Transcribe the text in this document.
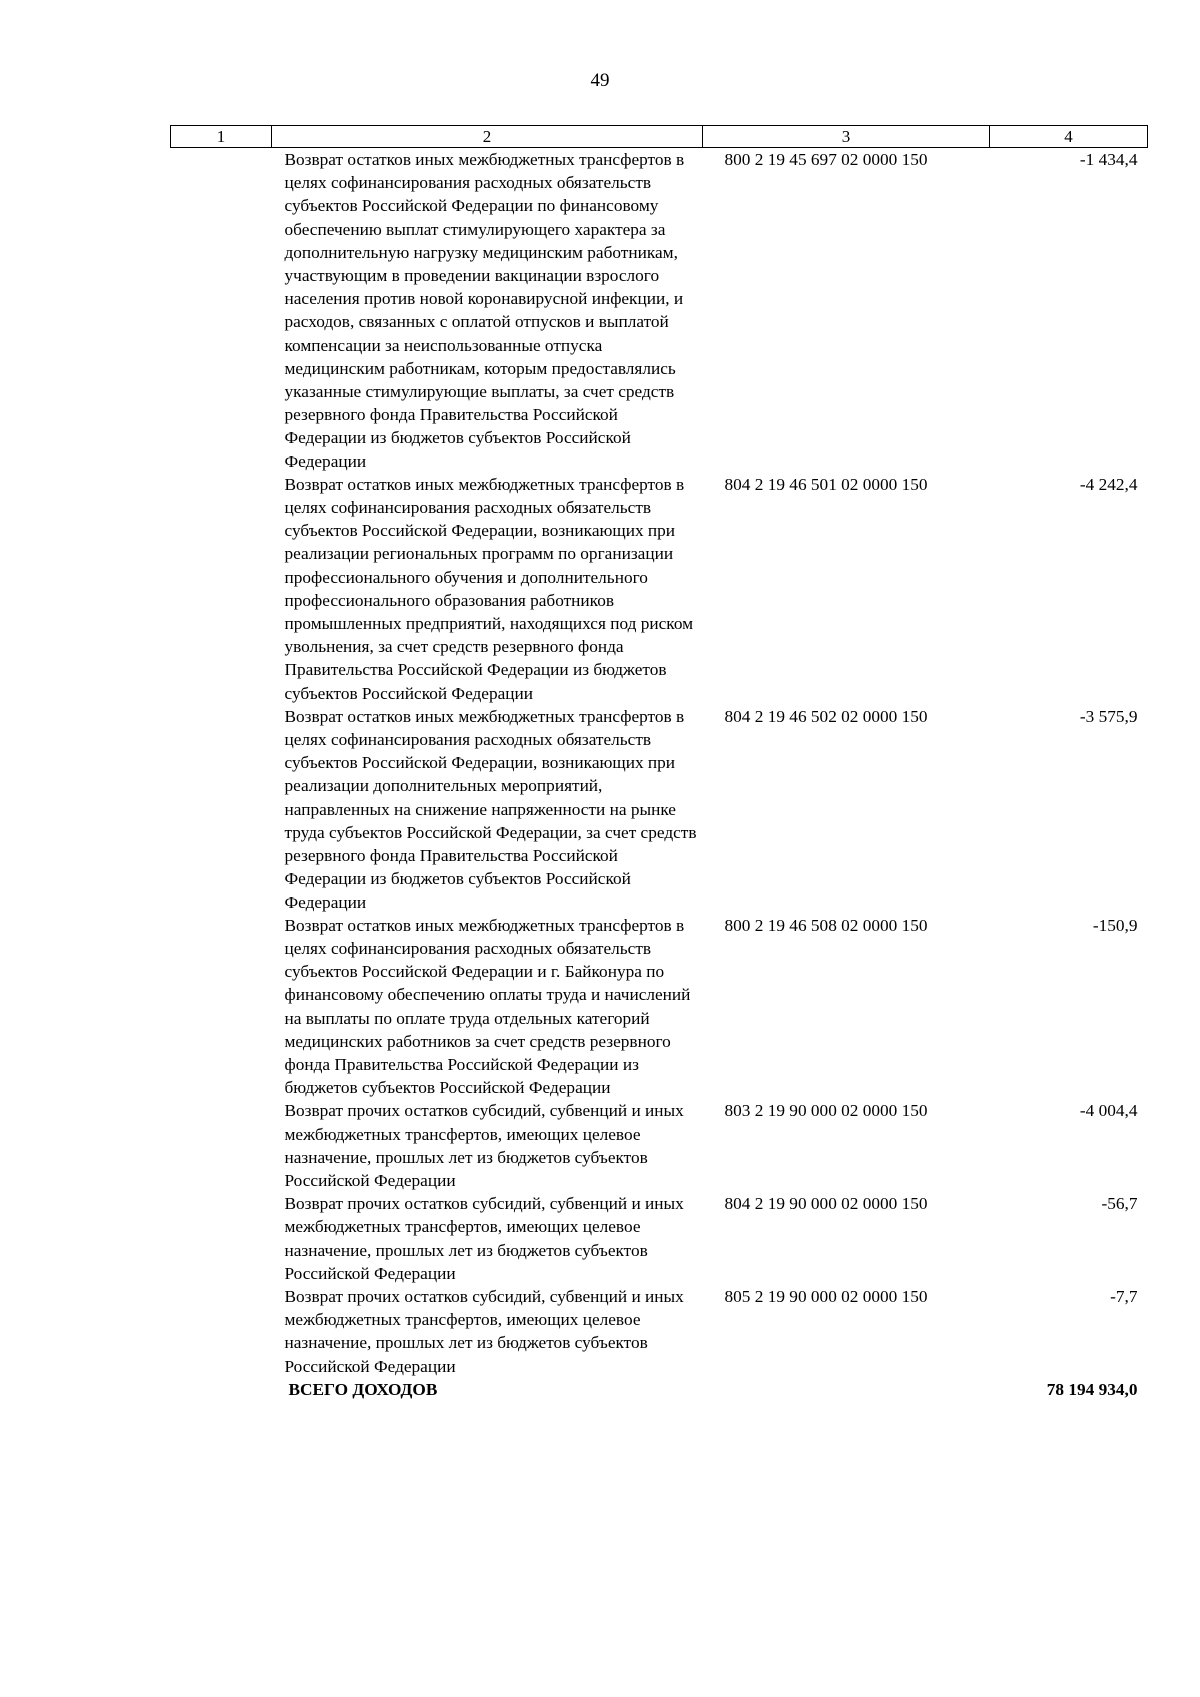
49
1	2	3	4
	Возврат остатков иных межбюджетных трансфертов в целях софинансирования расходных обязательств субъектов Российской Федерации по финансовому обеспечению выплат стимулирующего характера за дополнительную нагрузку медицинским работникам, участвующим в проведении вакцинации взрослого населения против новой коронавирусной инфекции, и расходов, связанных с оплатой отпусков и выплатой компенсации за неиспользованные отпуска медицинским работникам, которым предоставлялись указанные стимулирующие выплаты, за счет средств резервного фонда Правительства Российской Федерации из бюджетов субъектов Российской Федерации	800 2 19 45 697 02 0000 150	-1 434,4
	Возврат остатков иных межбюджетных трансфертов в целях софинансирования расходных обязательств субъектов Российской Федерации, возникающих при реализации региональных программ по организации профессионального обучения и дополнительного профессионального образования работников промышленных предприятий, находящихся под риском увольнения, за счет средств резервного фонда Правительства Российской Федерации из бюджетов субъектов Российской Федерации	804 2 19 46 501 02 0000 150	-4 242,4
	Возврат остатков иных межбюджетных трансфертов в целях софинансирования расходных обязательств субъектов Российской Федерации, возникающих при реализации дополнительных мероприятий, направленных на снижение напряженности на рынке труда субъектов Российской Федерации, за счет средств резервного фонда Правительства Российской Федерации из бюджетов субъектов Российской Федерации	804 2 19 46 502 02 0000 150	-3 575,9
	Возврат остатков иных межбюджетных трансфертов в целях софинансирования расходных обязательств субъектов Российской Федерации и г. Байконура по финансовому обеспечению оплаты труда и начислений на выплаты по оплате труда отдельных категорий медицинских работников за счет средств резервного фонда Правительства Российской Федерации из бюджетов субъектов Российской Федерации	800 2 19 46 508 02 0000 150	-150,9
	Возврат прочих остатков субсидий, субвенций и иных межбюджетных трансфертов, имеющих целевое назначение, прошлых лет из бюджетов субъектов Российской Федерации	803 2 19 90 000 02 0000 150	-4 004,4
	Возврат прочих остатков субсидий, субвенций и иных межбюджетных трансфертов, имеющих целевое назначение, прошлых лет из бюджетов субъектов Российской Федерации	804 2 19 90 000 02 0000 150	-56,7
	Возврат прочих остатков субсидий, субвенций и иных межбюджетных трансфертов, имеющих целевое назначение, прошлых лет из бюджетов субъектов Российской Федерации	805 2 19 90 000 02 0000 150	-7,7
	ВСЕГО ДОХОДОВ		78 194 934,0
